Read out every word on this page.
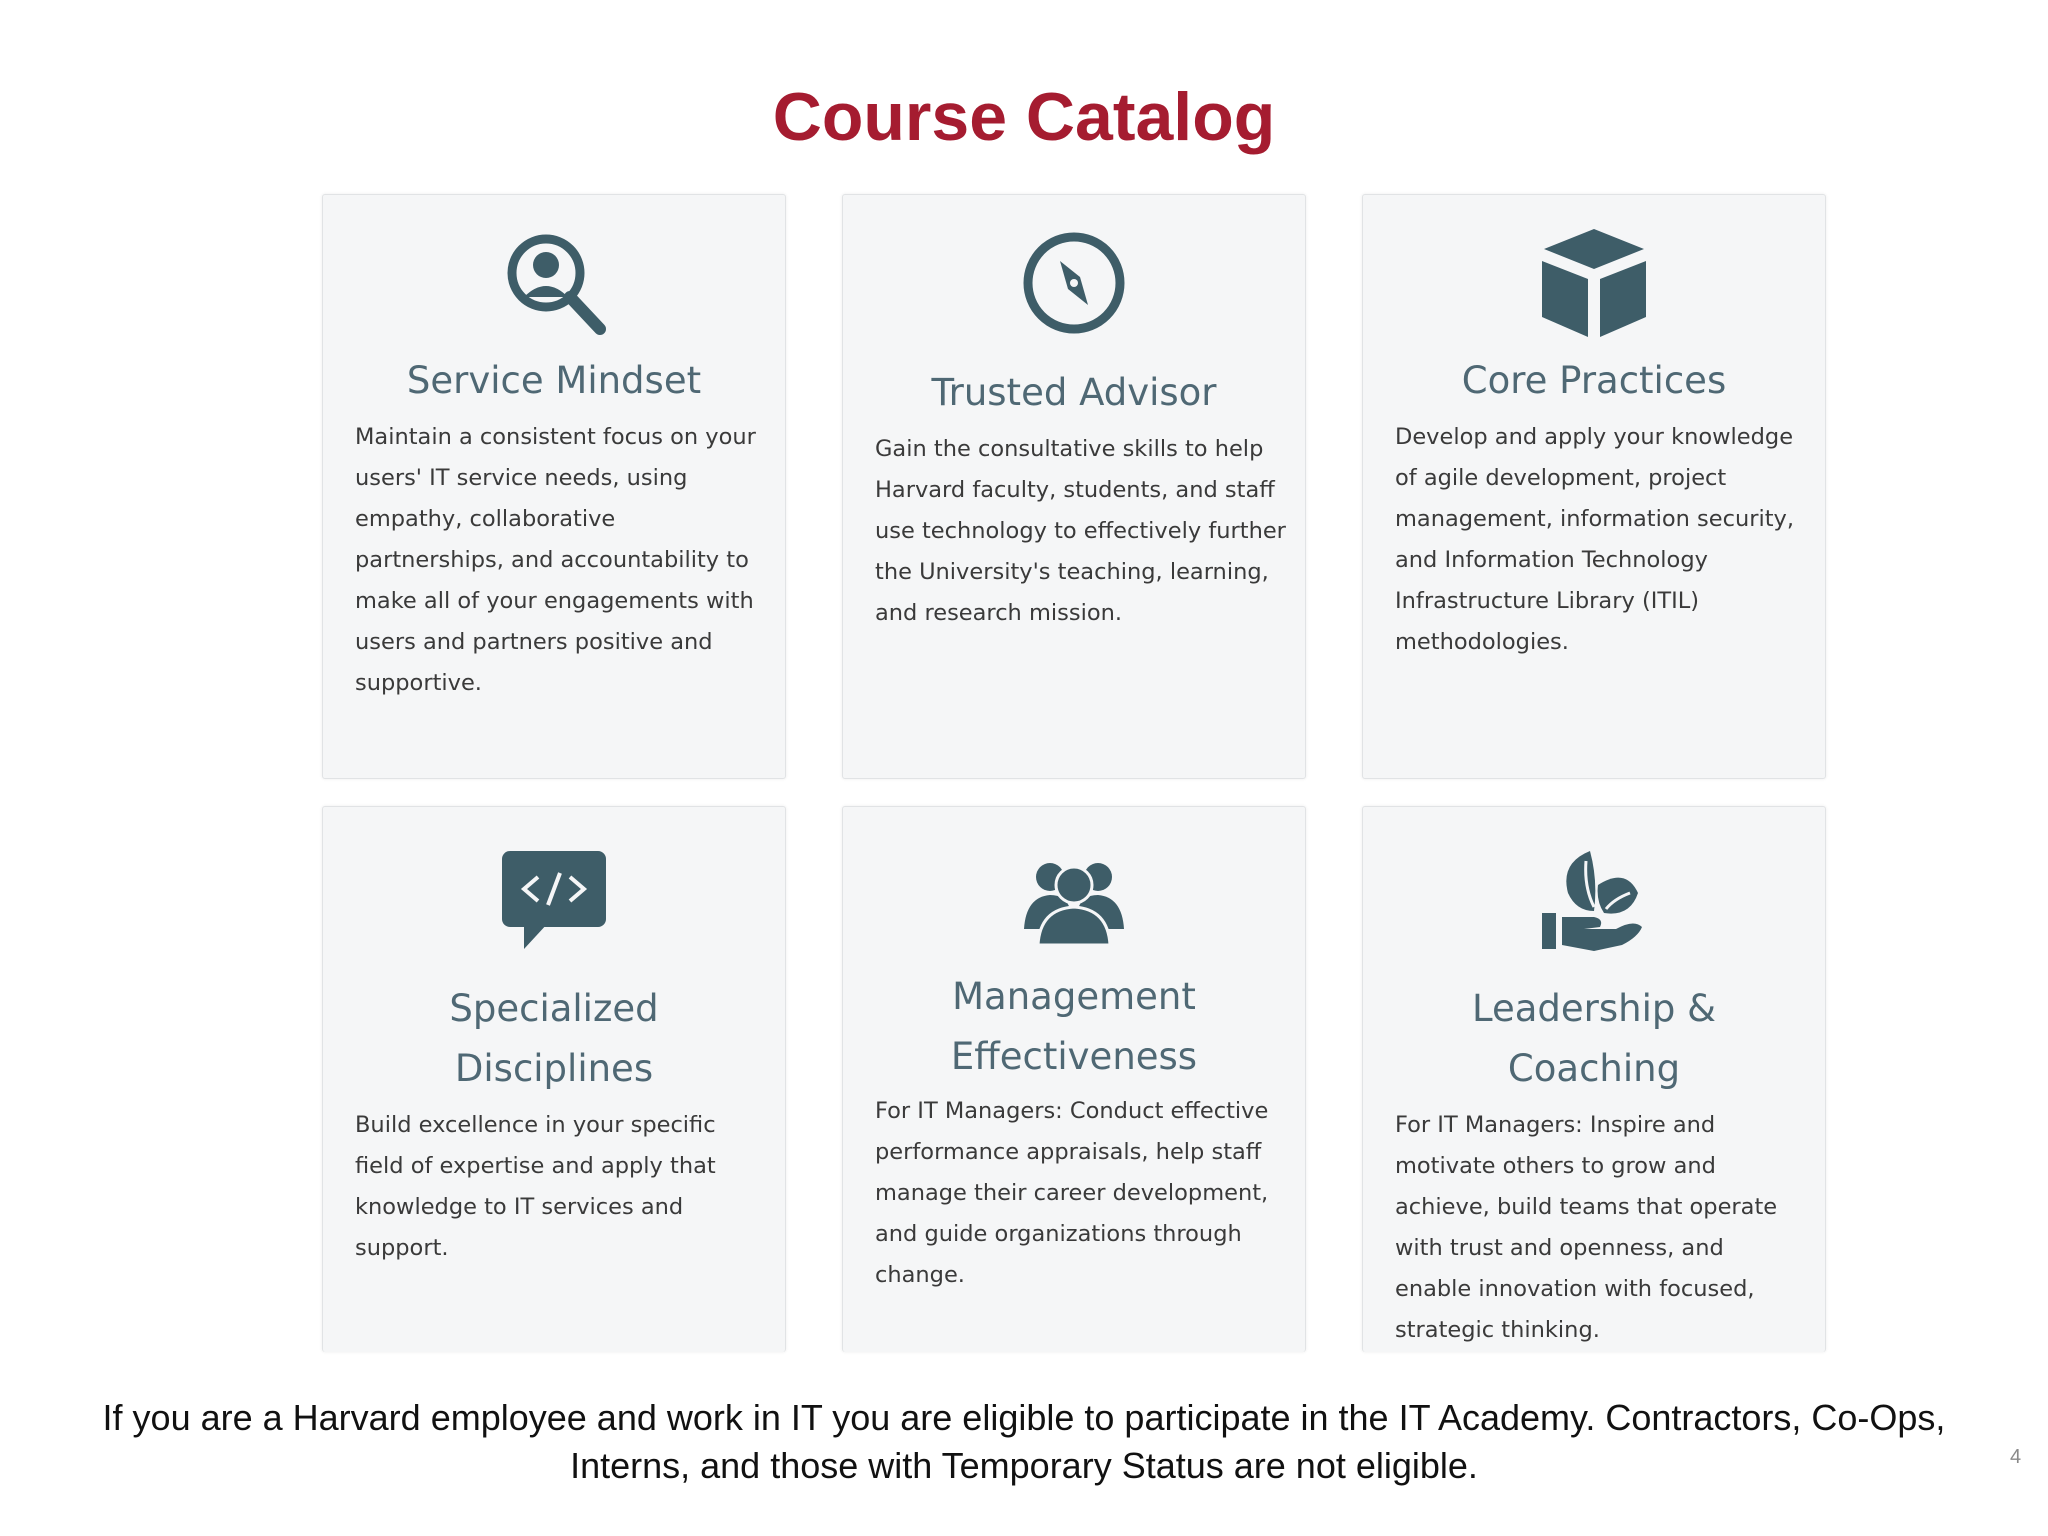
Course Catalog
Service Mindset

Maintain a consistent focus on your users' IT service needs, using empathy, collaborative partnerships, and accountability to make all of your engagements with users and partners positive and supportive.

Trusted Advisor

Gain the consultative skills to help Harvard faculty, students, and staff use technology to effectively further the University's teaching, learning, and research mission.

Core Practices

Develop and apply your knowledge of agile development, project management, information security, and Information Technology Infrastructure Library (ITIL) methodologies.

Specialized Disciplines

Build excellence in your specific field of expertise and apply that knowledge to IT services and support.

Management Effectiveness

For IT Managers: Conduct effective performance appraisals, help staff manage their career development, and guide organizations through change.

Leadership & Coaching

For IT Managers: Inspire and motivate others to grow and achieve, build teams that operate with trust and openness, and enable innovation with focused, strategic thinking.

If you are a Harvard employee and work in IT you are eligible to participate in the IT Academy. Contractors, Co-Ops, Interns, and those with Temporary Status are not eligible.	4
